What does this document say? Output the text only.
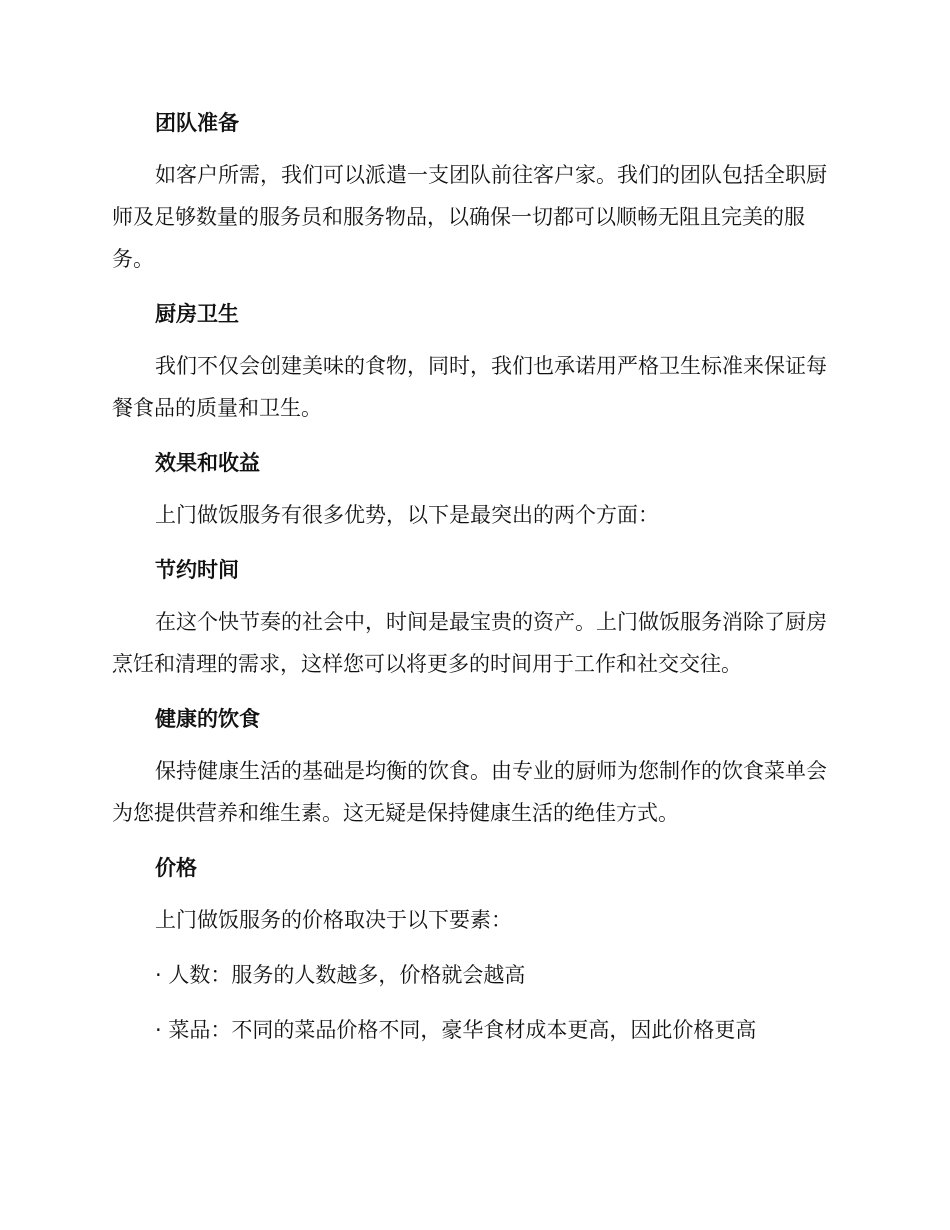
团队准备

如客户所需，我们可以派遣一支团队前往客户家。我们的团队包括全职厨师及足够数量的服务员和服务物品，以确保一切都可以顺畅无阻且完美的服务。

厨房卫生

我们不仅会创建美味的食物，同时，我们也承诺用严格卫生标准来保证每餐食品的质量和卫生。

效果和收益

上门做饭服务有很多优势，以下是最突出的两个方面：

节约时间

在这个快节奏的社会中，时间是最宝贵的资产。上门做饭服务消除了厨房烹饪和清理的需求，这样您可以将更多的时间用于工作和社交交往。

健康的饮食

保持健康生活的基础是均衡的饮食。由专业的厨师为您制作的饮食菜单会为您提供营养和维生素。这无疑是保持健康生活的绝佳方式。

价格

上门做饭服务的价格取决于以下要素：

· 人数：服务的人数越多，价格就会越高
· 菜品：不同的菜品价格不同，豪华食材成本更高，因此价格更高
